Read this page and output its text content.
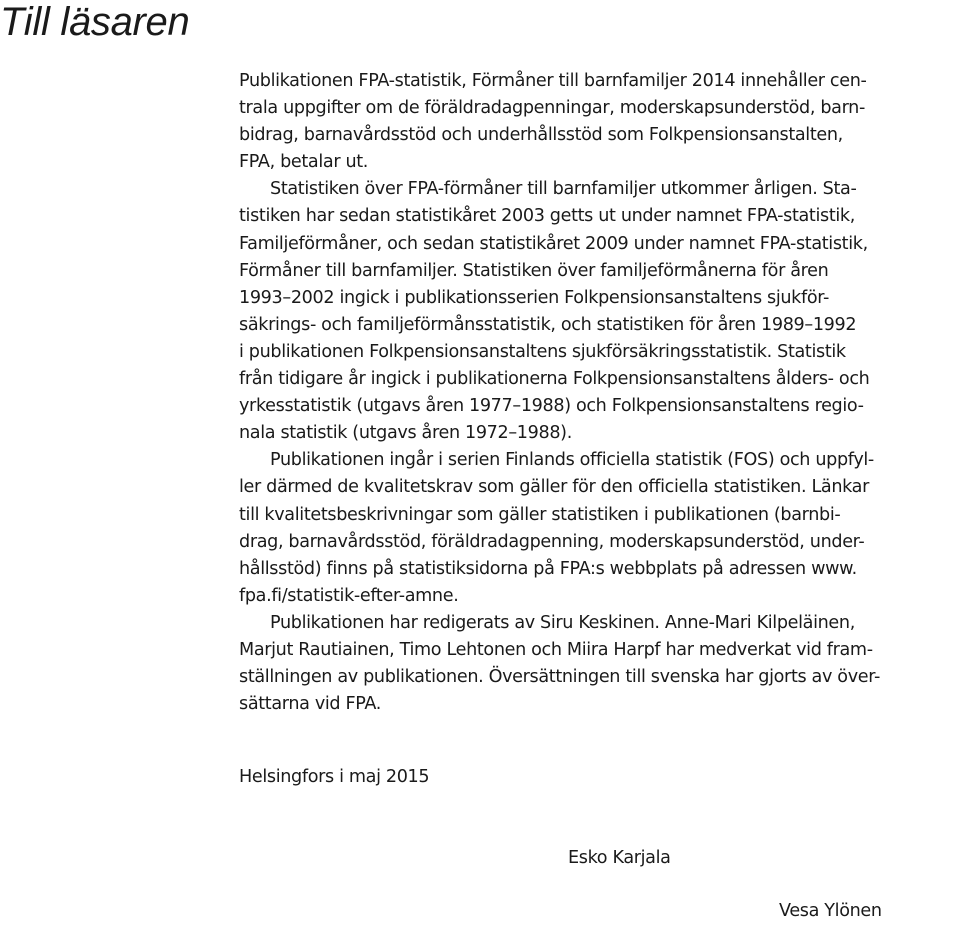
Till läsaren
Publikationen FPA-statistik, Förmåner till barnfamiljer 2014 innehåller cen-
trala uppgifter om de föräldradagpenningar, moderskapsunderstöd, barn-
bidrag, barnavårdsstöd och underhållsstöd som Folkpensionsanstalten,
FPA, betalar ut.
Statistiken över FPA-förmåner till barnfamiljer utkommer årligen. Sta-
tistiken har sedan statistikåret 2003 getts ut under namnet FPA-statistik,
Familjeförmåner, och sedan statistikåret 2009 under namnet FPA-statistik,
Förmåner till barnfamiljer. Statistiken över familjeförmånerna för åren
1993–2002 ingick i publikationsserien Folkpensionsanstaltens sjukför-
säkrings- och familjeförmånsstatistik, och statistiken för åren 1989–1992
i publikationen Folkpensionsanstaltens sjukförsäkringsstatistik. Statistik
från tidigare år ingick i publikationerna Folkpensionsanstaltens ålders- och
yrkesstatistik (utgavs åren 1977–1988) och Folkpensionsanstaltens regio-
nala statistik (utgavs åren 1972–1988).
Publikationen ingår i serien Finlands officiella statistik (FOS) och uppfyl-
ler därmed de kvalitetskrav som gäller för den officiella statistiken. Länkar
till kvalitetsbeskrivningar som gäller statistiken i publikationen (barnbi-
drag, barnavårdsstöd, föräldradagpenning, moderskapsunderstöd, under-
hållsstöd) finns på statistiksidorna på FPA:s webbplats på adressen www.
fpa.fi/statistik-efter-amne.
Publikationen har redigerats av Siru Keskinen. Anne-Mari Kilpeläinen,
Marjut Rautiainen, Timo Lehtonen och Miira Harpf har medverkat vid fram-
ställningen av publikationen. Översättningen till svenska har gjorts av över-
sättarna vid FPA.
Helsingfors i maj 2015
Esko Karjala
Vesa Ylönen
